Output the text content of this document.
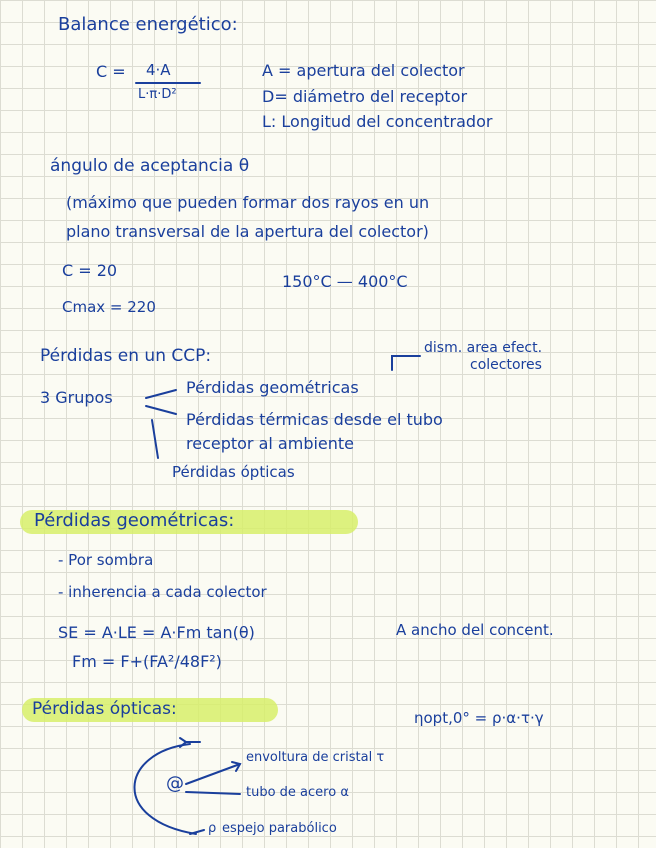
Balance energético:
C = 4·A
L·π·D²
A = apertura del colector
D= diámetro del receptor
L: Longitud del concentrador
ángulo de aceptancia θ
(máximo que pueden formar dos rayos en un
plano transversal de la apertura del colector)
C = 20
150°C — 400°C
Cmax = 220
Pérdidas en un CCP:	dism. area efect.
colectores
3 Grupos
Pérdidas geométricas
Pérdidas térmicas desde el tubo
receptor al ambiente
Pérdidas ópticas
Pérdidas geométricas:
- Por sombra
- inherencia a cada colector
SE = A·LE = A·Fm tan(θ)	A ancho del concent.
Fm = F+(FA²/48F²)
Pérdidas ópticas:	ηopt,0° = ρ·α·τ·γ
@
envoltura de cristal τ
tubo de acero α
ρ espejo parabólico
